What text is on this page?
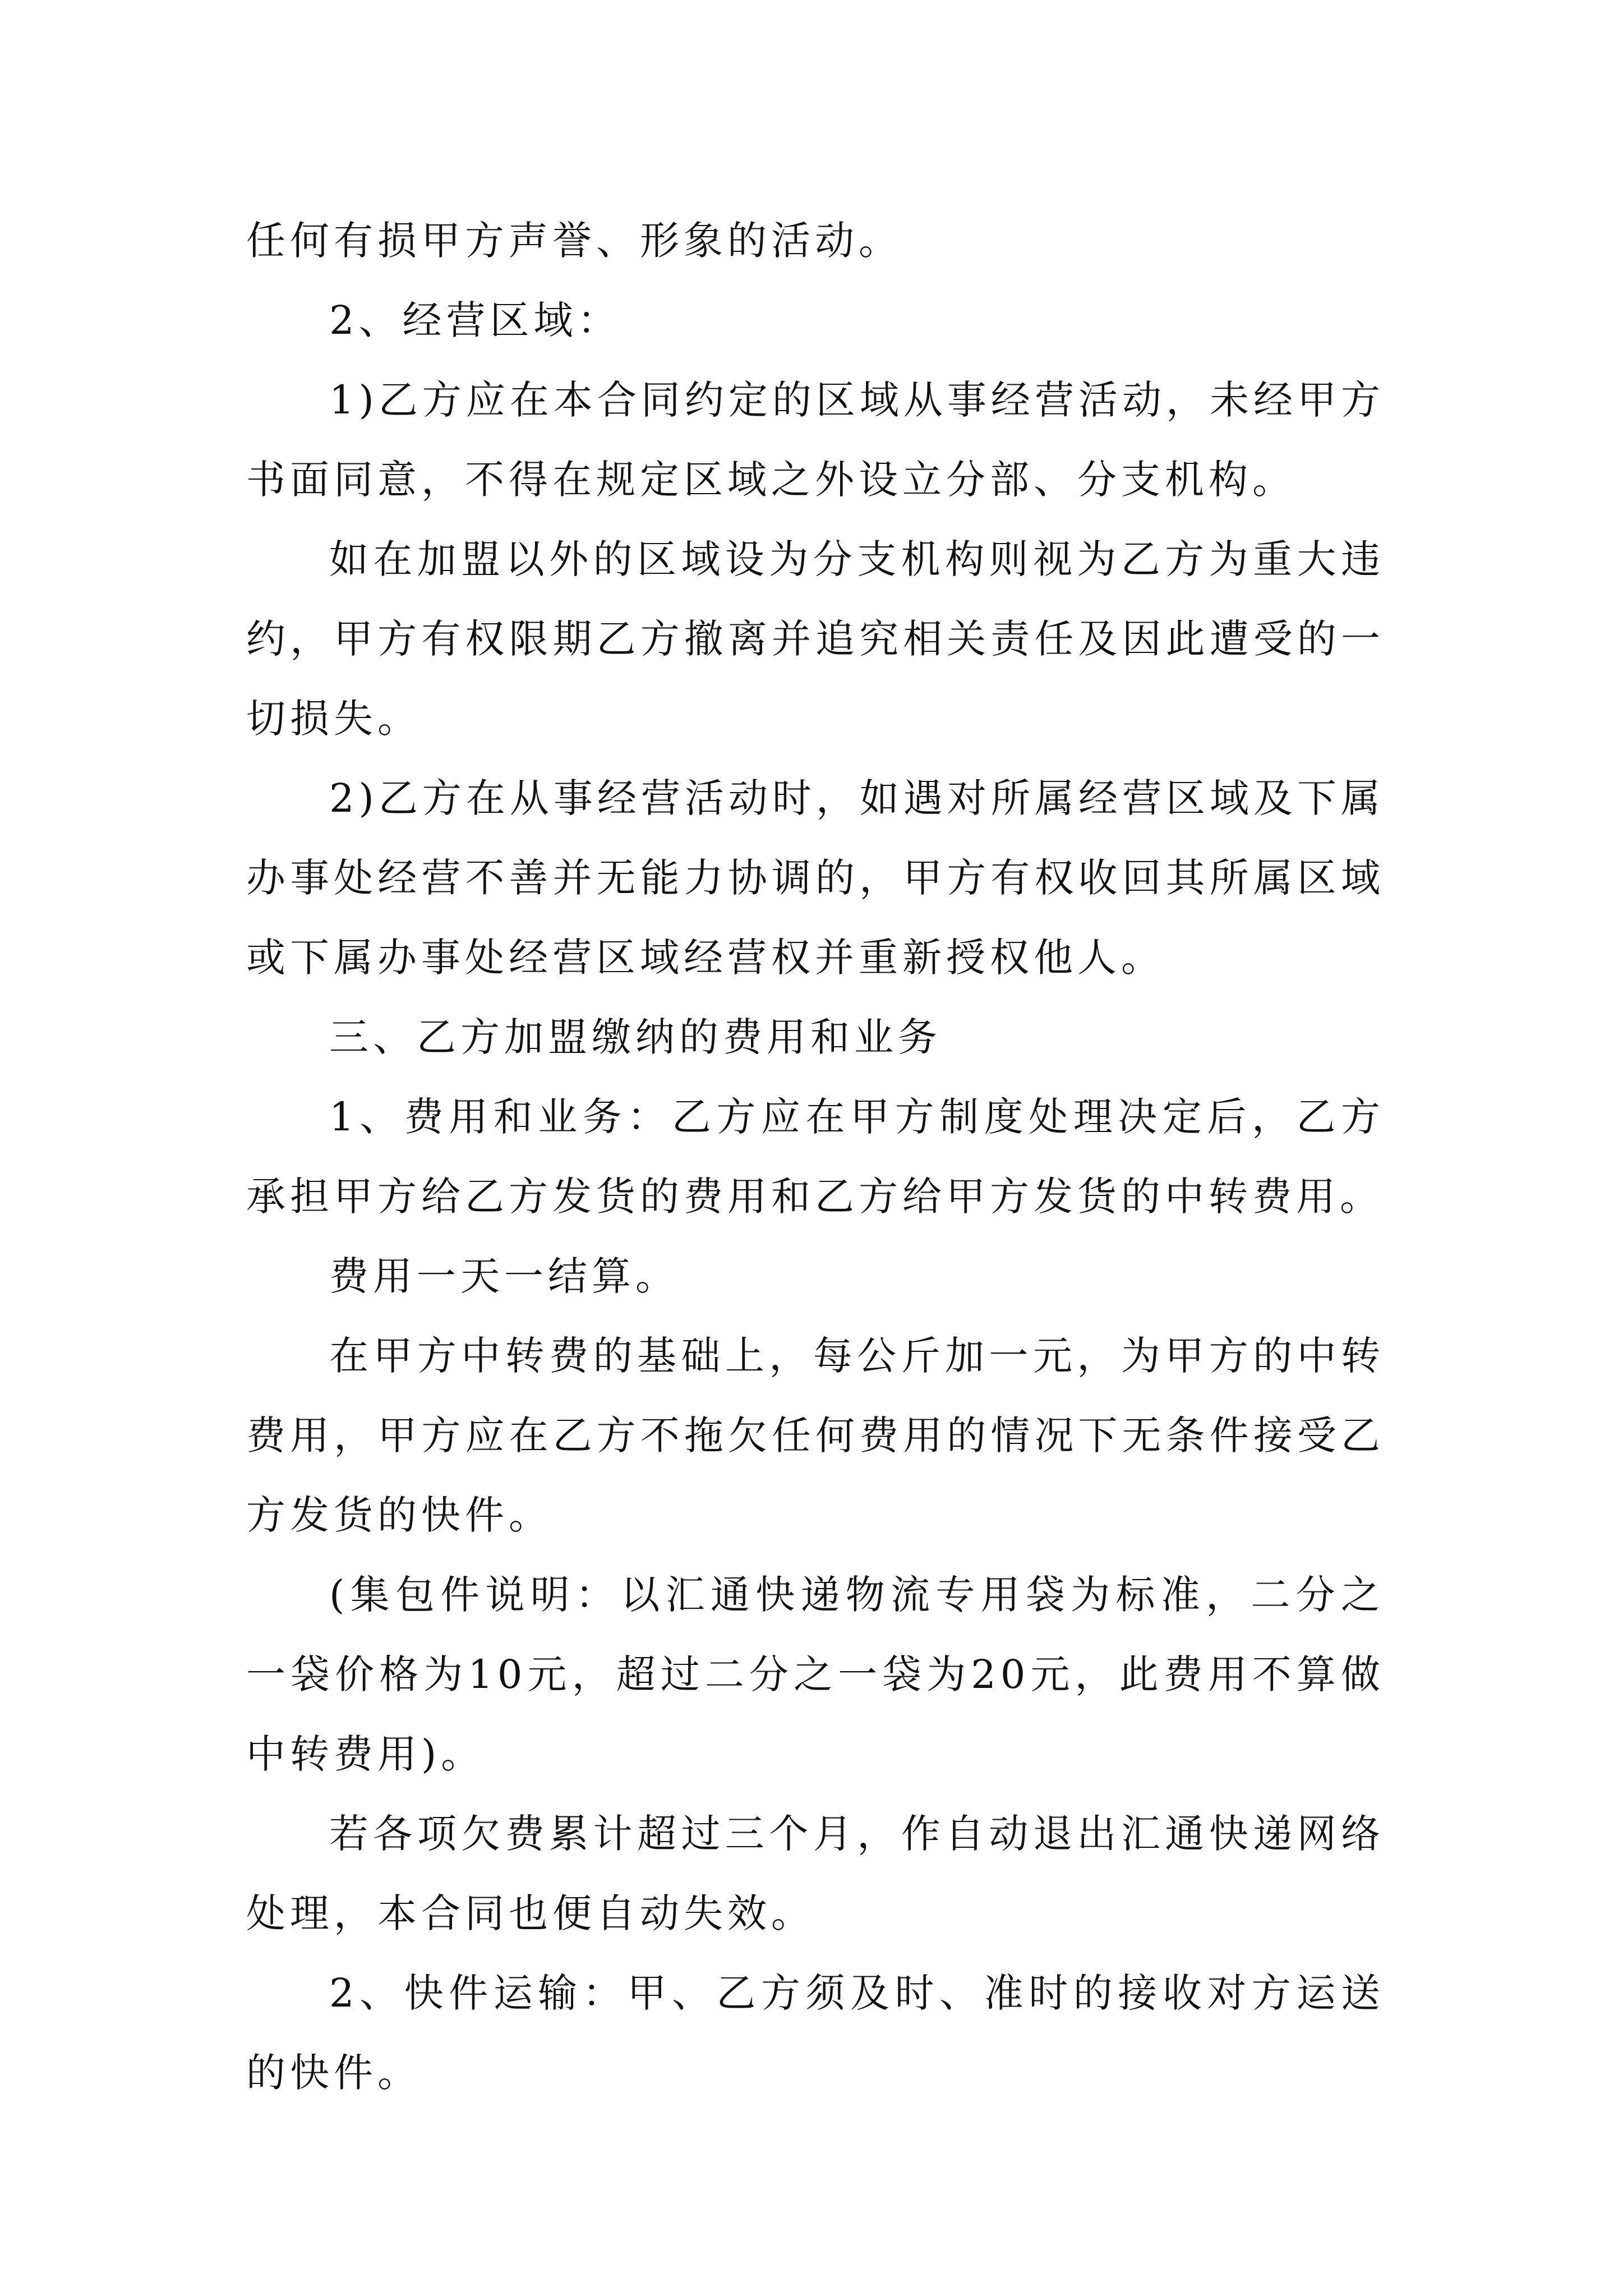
任何有损甲方声誉、形象的活动。

2、经营区域：

1)乙方应在本合同约定的区域从事经营活动，未经甲方书面同意，不得在规定区域之外设立分部、分支机构。

如在加盟以外的区域设为分支机构则视为乙方为重大违约，甲方有权限期乙方撤离并追究相关责任及因此遭受的一切损失。

2)乙方在从事经营活动时，如遇对所属经营区域及下属办事处经营不善并无能力协调的，甲方有权收回其所属区域或下属办事处经营区域经营权并重新授权他人。

三、乙方加盟缴纳的费用和业务

1、费用和业务：乙方应在甲方制度处理决定后，乙方承担甲方给乙方发货的费用和乙方给甲方发货的中转费用。

费用一天一结算。

在甲方中转费的基础上，每公斤加一元，为甲方的中转费用，甲方应在乙方不拖欠任何费用的情况下无条件接受乙方发货的快件。

(集包件说明：以汇通快递物流专用袋为标准，二分之一袋价格为10元，超过二分之一袋为20元，此费用不算做中转费用)。

若各项欠费累计超过三个月，作自动退出汇通快递网络处理，本合同也便自动失效。

2、快件运输：甲、乙方须及时、准时的接收对方运送的快件。
